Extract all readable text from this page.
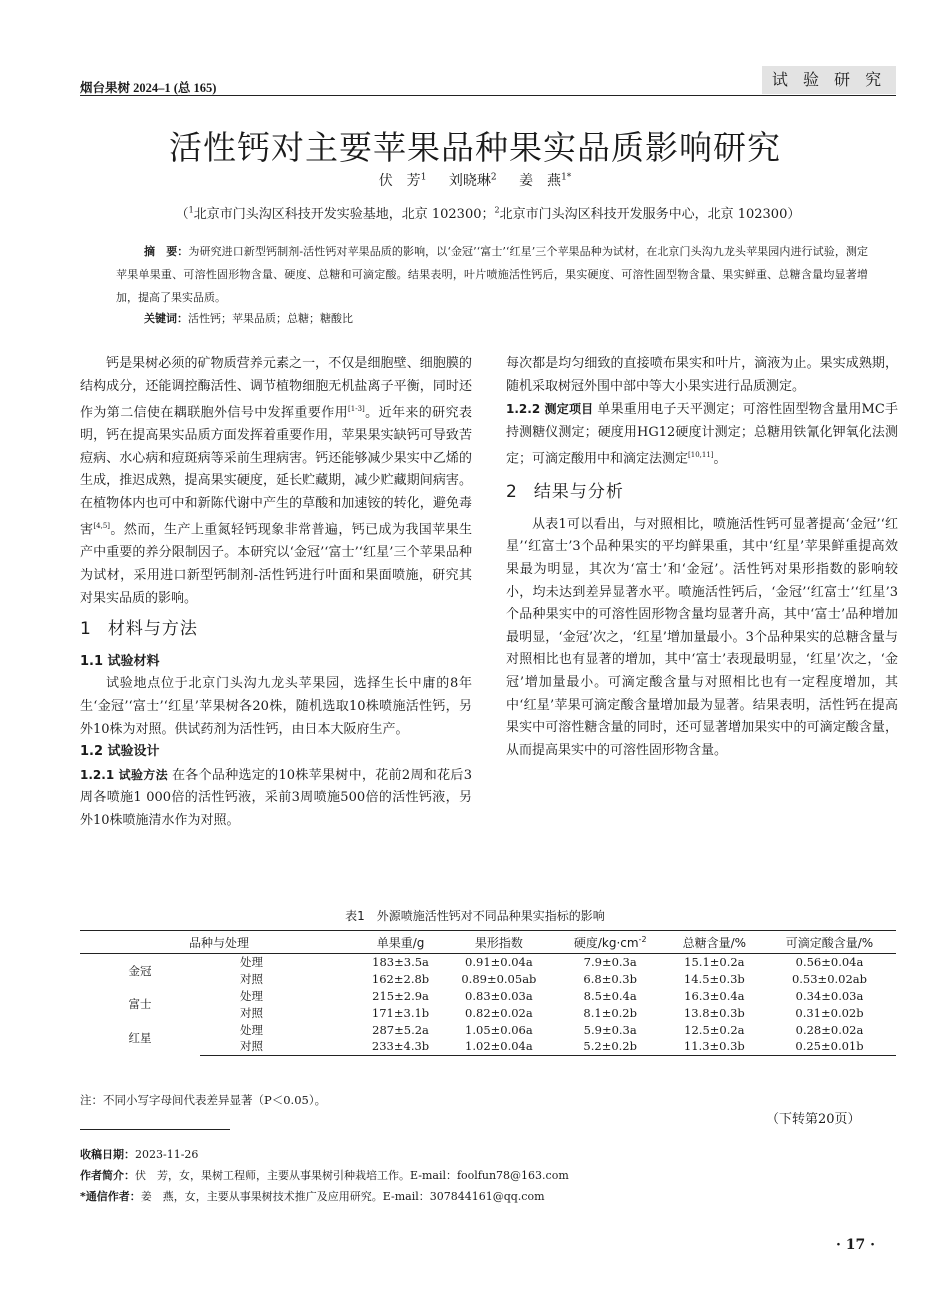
烟台果树 2024–1 (总 165)	试 验 研 究
活性钙对主要苹果品种果实品质影响研究
伏　芳$^1$ 刘晓琳$^2$ 姜　燕$^{1*}$
（$^1$北京市门头沟区科技开发实验基地，北京 102300；$^2$北京市门头沟区科技开发服务中心，北京 102300）
摘　要：为研究进口新型钙制剂-活性钙对苹果品质的影响，以‘金冠’‘富士’‘红星’三个苹果品种为试材，在北京门头沟九龙头苹果园内进行试验，测定苹果单果重、可溶性固形物含量、硬度、总糖和可滴定酸。结果表明，叶片喷施活性钙后，果实硬度、可溶性固型物含量、果实鲜重、总糖含量均显著增加，提高了果实品质。
关键词：活性钙；苹果品质；总糖；糖酸比

钙是果树必须的矿物质营养元素之一，不仅是细胞壁、细胞膜的结构成分，还能调控酶活性、调节植物细胞无机盐离子平衡，同时还作为第二信使在耦联胞外信号中发挥重要作用[1-3]。近年来的研究表明，钙在提高果实品质方面发挥着重要作用，苹果果实缺钙可导致苦痘病、水心病和痘斑病等采前生理病害。钙还能够减少果实中乙烯的生成，推迟成熟，提高果实硬度，延长贮藏期，减少贮藏期间病害。在植物体内也可中和新陈代谢中产生的草酸和加速铵的转化，避免毒害[4,5]。然而，生产上重氮轻钙现象非常普遍，钙已成为我国苹果生产中重要的养分限制因子。本研究以‘金冠’‘富士’‘红星’三个苹果品种为试材，采用进口新型钙制剂-活性钙进行叶面和果面喷施，研究其对果实品质的影响。

1 材料与方法
1.1 试验材料

试验地点位于北京门头沟九龙头苹果园，选择生长中庸的8年生‘金冠’‘富士’‘红星’苹果树各20株，随机选取10株喷施活性钙，另外10株为对照。供试药剂为活性钙，由日本大阪府生产。

1.2 试验设计

1.2.1 试验方法 在各个品种选定的10株苹果树中，花前2周和花后3周各喷施1 000倍的活性钙液，采前3周喷施500倍的活性钙液，另外10株喷施清水作为对照。

每次都是均匀细致的直接喷布果实和叶片，滴液为止。果实成熟期，随机采取树冠外围中部中等大小果实进行品质测定。

1.2.2 测定项目 单果重用电子天平测定；可溶性固型物含量用MC手持测糖仪测定；硬度用HG12硬度计测定；总糖用铁氰化钾氧化法测定；可滴定酸用中和滴定法测定[10,11]。

2 结果与分析

从表1可以看出，与对照相比，喷施活性钙可显著提高‘金冠’‘红星’‘红富士’3个品种果实的平均鲜果重，其中‘红星’苹果鲜重提高效果最为明显，其次为‘富士’和‘金冠’。活性钙对果形指数的影响较小，均未达到差异显著水平。喷施活性钙后，‘金冠’‘红富士’‘红星’3个品种果实中的可溶性固形物含量均显著升高，其中‘富士’品种增加最明显，‘金冠’次之，‘红星’增加量最小。3个品种果实的总糖含量与对照相比也有显著的增加，其中‘富士’表现最明显，‘红星’次之，‘金冠’增加量最小。可滴定酸含量与对照相比也有一定程度增加，其中‘红星’苹果可滴定酸含量增加最为显著。结果表明，活性钙在提高果实中可溶性糖含量的同时，还可显著增加果实中的可滴定酸含量，从而提高果实中的可溶性固形物含量。

表1　外源喷施活性钙对不同品种果实指标的影响
品种与处理		单果重/g	果形指数	硬度$/kg\cdot cm^{-2}$	总糖含量/%	可滴定酸含量/%
金冠	处理	183±3.5a	0.91±0.04a	7.9±0.3a	15.1±0.2a	0.56±0.04a
	对照	162±2.8b	0.89±0.05ab	6.8±0.3b	14.5±0.3b	0.53±0.02ab
富士	处理	215±2.9a	0.83±0.03a	8.5±0.4a	16.3±0.4a	0.34±0.03a
	对照	171±3.1b	0.82±0.02a	8.1±0.2b	13.8±0.3b	0.31±0.02b
红星	处理	287±5.2a	1.05±0.06a	5.9±0.3a	12.5±0.2a	0.28±0.02a
	对照	233±4.3b	1.02±0.04a	5.2±0.2b	11.3±0.3b	0.25±0.01b
注：不同小写字母间代表差异显著（P＜0.05）。
（下转第20页）
收稿日期：2023-11-26
作者简介：伏　芳，女，果树工程师，主要从事果树引种栽培工作。E-mail：foolfun78@163.com
*通信作者：姜　燕，女，主要从事果树技术推广及应用研究。E-mail：307844161@qq.com
· 17 ·
